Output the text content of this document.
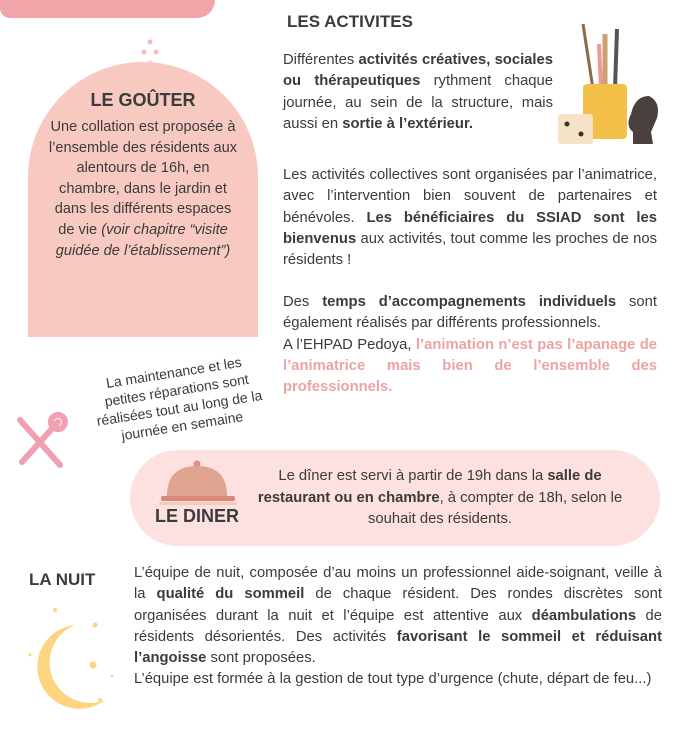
LE GOÛTER

Une collation est proposée à l’ensemble des résidents aux alentours de 16h, en chambre, dans le jardin et dans les différents espaces de vie (voir chapitre “visite guidée de l’établissement”)

LES ACTIVITES

Différentes activités créatives, sociales ou thérapeutiques rythment chaque journée, au sein de la structure, mais aussi en sortie à l’extérieur.

Les activités collectives sont organisées par l’animatrice, avec l’intervention bien souvent de partenaires et bénévoles. Les bénéficiaires du SSIAD sont les bienvenus aux activités, tout comme les proches de nos résidents !

Des temps d’accompagnements individuels sont également réalisés par différents professionnels.
A l’EHPAD Pedoya, l’animation n’est pas l’apanage de l’animatrice mais bien de l’ensemble des professionnels.

La maintenance et les petites réparations sont réalisées tout au long de la journée en semaine
LE DINER

Le dîner est servi à partir de 19h dans la salle de restaurant ou en chambre, à compter de 18h, selon le souhait des résidents.

LA NUIT	L’équipe de nuit, composée d’au moins un professionnel aide-soignant, veille à la qualité du sommeil de chaque résident. Des rondes discrètes sont organisées durant la nuit et l’équipe est attentive aux déambulations de résidents désorientés. Des activités favorisant le sommeil et réduisant l’angoisse sont proposées.
L’équipe est formée à la gestion de tout type d’urgence (chute, départ de feu...)
